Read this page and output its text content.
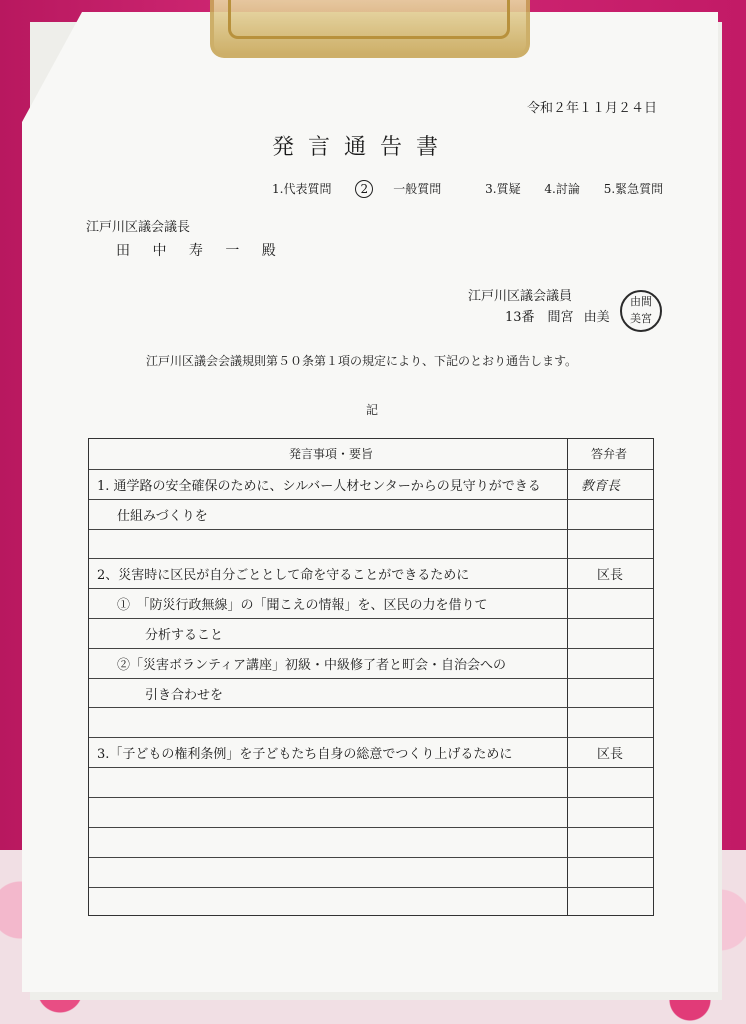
令和２年１１月２４日
発言通告書
1.代表質問 2 一般質問	3.質疑 4.討論 5.緊急質問
江戸川区議会議長
田 中 寿 一 殿
江戸川区議会議員
13番　間宮 由美
由間
美宮
江戸川区議会会議規則第５０条第１項の規定により、下記のとおり通告します。
記
発言事項・要旨	答弁者
1. 通学路の安全確保のために、シルバー人材センターからの見守りができる	教育長
仕組みづくりを
2、災害時に区民が自分ごととして命を守ることができるために	区長
①　「防災行政無線」の「聞こえの情報」を、区民の力を借りて
分析すること
②「災害ボランティア講座」初級・中級修了者と町会・自治会への
引き合わせを
3.「子どもの権利条例」を子どもたち自身の総意でつくり上げるために	区長
